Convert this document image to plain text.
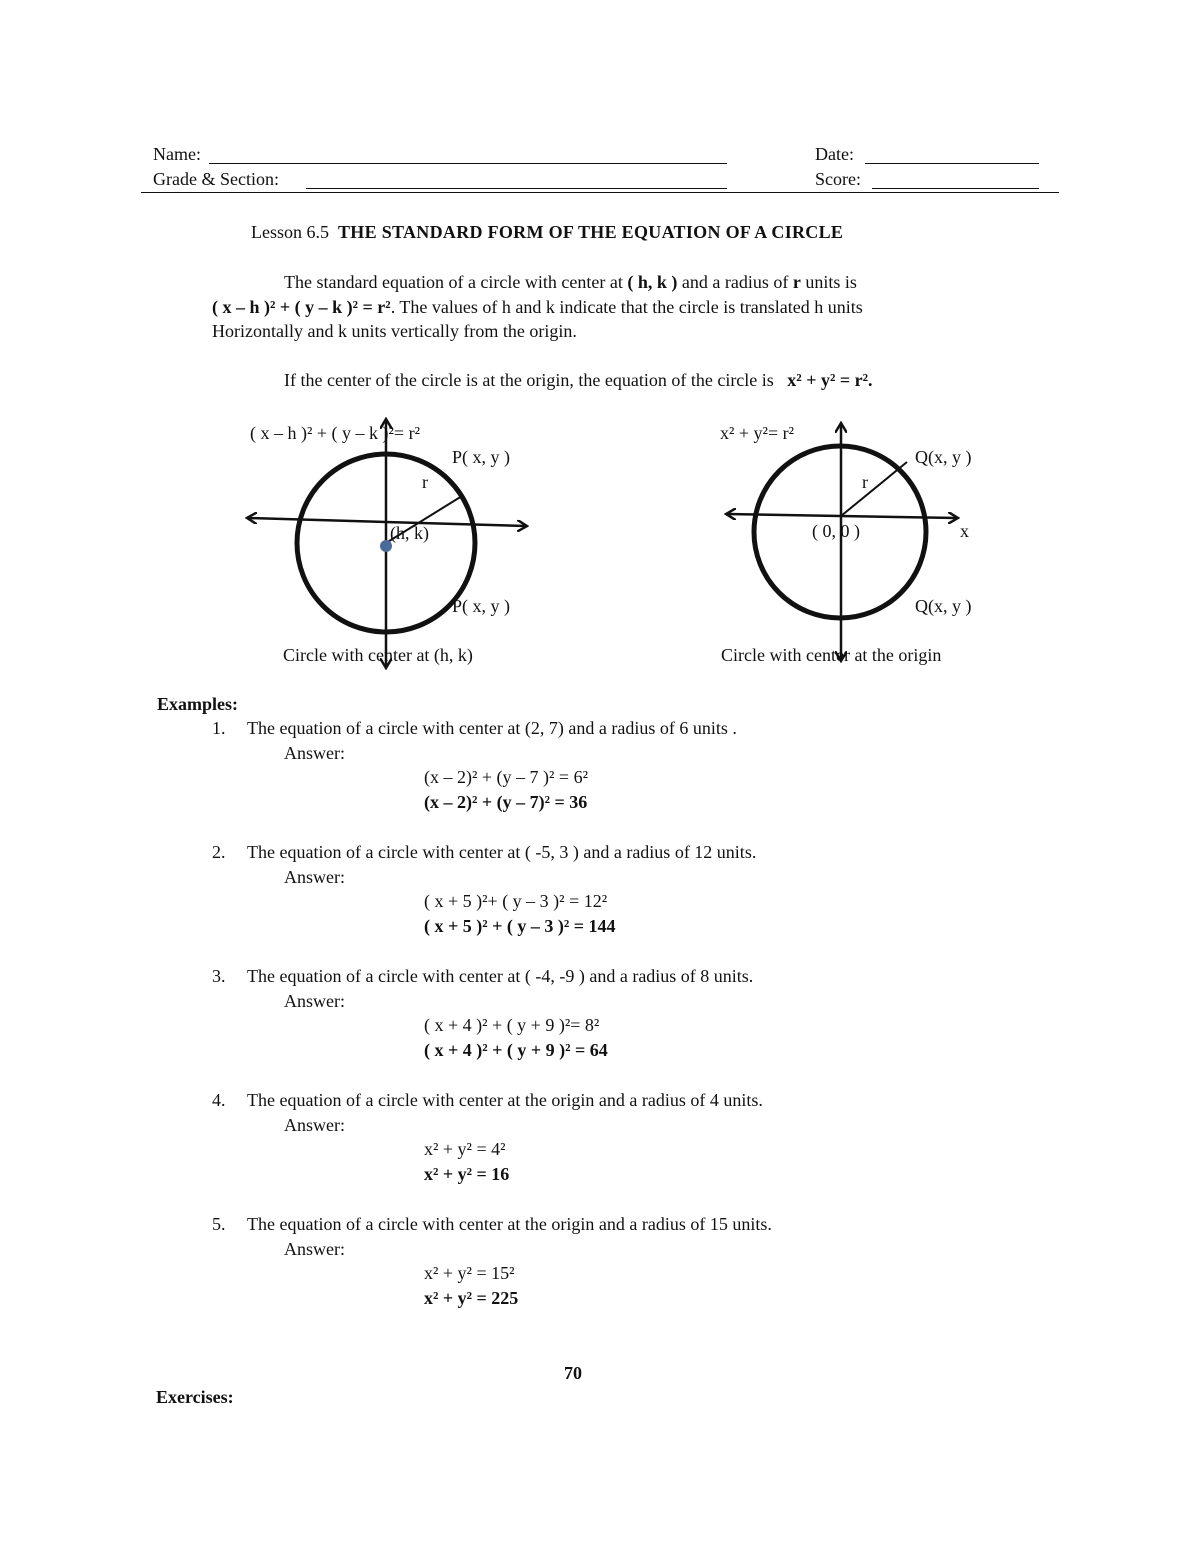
Name:	Date:
Grade & Section:	Score:
Lesson 6.5 THE STANDARD FORM OF THE EQUATION OF A CIRCLE
The standard equation of a circle with center at ( h, k ) and a radius of r units is
( x – h )² + ( y – k )² = r². The values of h and k indicate that the circle is translated h units
Horizontally and k units vertically from the origin.
If the center of the circle is at the origin, the equation of the circle is x² + y² = r².
( x – h )² + ( y – k )²= r²
P( x, y )
r
(h, k)
P( x, y )
Circle with center at (h, k)
x² + y²= r²
Q(x, y )
r
( 0, 0 )	x
Q(x, y )
Circle with center at the origin
Examples:
1. The equation of a circle with center at (2, 7) and a radius of 6 units .
Answer:
(x – 2)² + (y – 7 )² = 6²
(x – 2)² + (y – 7)² = 36
2. The equation of a circle with center at ( -5, 3 ) and a radius of 12 units.
Answer:
( x + 5 )²+ ( y – 3 )² = 12²
( x + 5 )² + ( y – 3 )² = 144
3. The equation of a circle with center at ( -4, -9 ) and a radius of 8 units.
Answer:
( x + 4 )² + ( y + 9 )²= 8²
( x + 4 )² + ( y + 9 )² = 64
4. The equation of a circle with center at the origin and a radius of 4 units.
Answer:
x² + y² = 4²
x² + y² = 16
5. The equation of a circle with center at the origin and a radius of 15 units.
Answer:
x² + y² = 15²
x² + y² = 225
70
Exercises:
